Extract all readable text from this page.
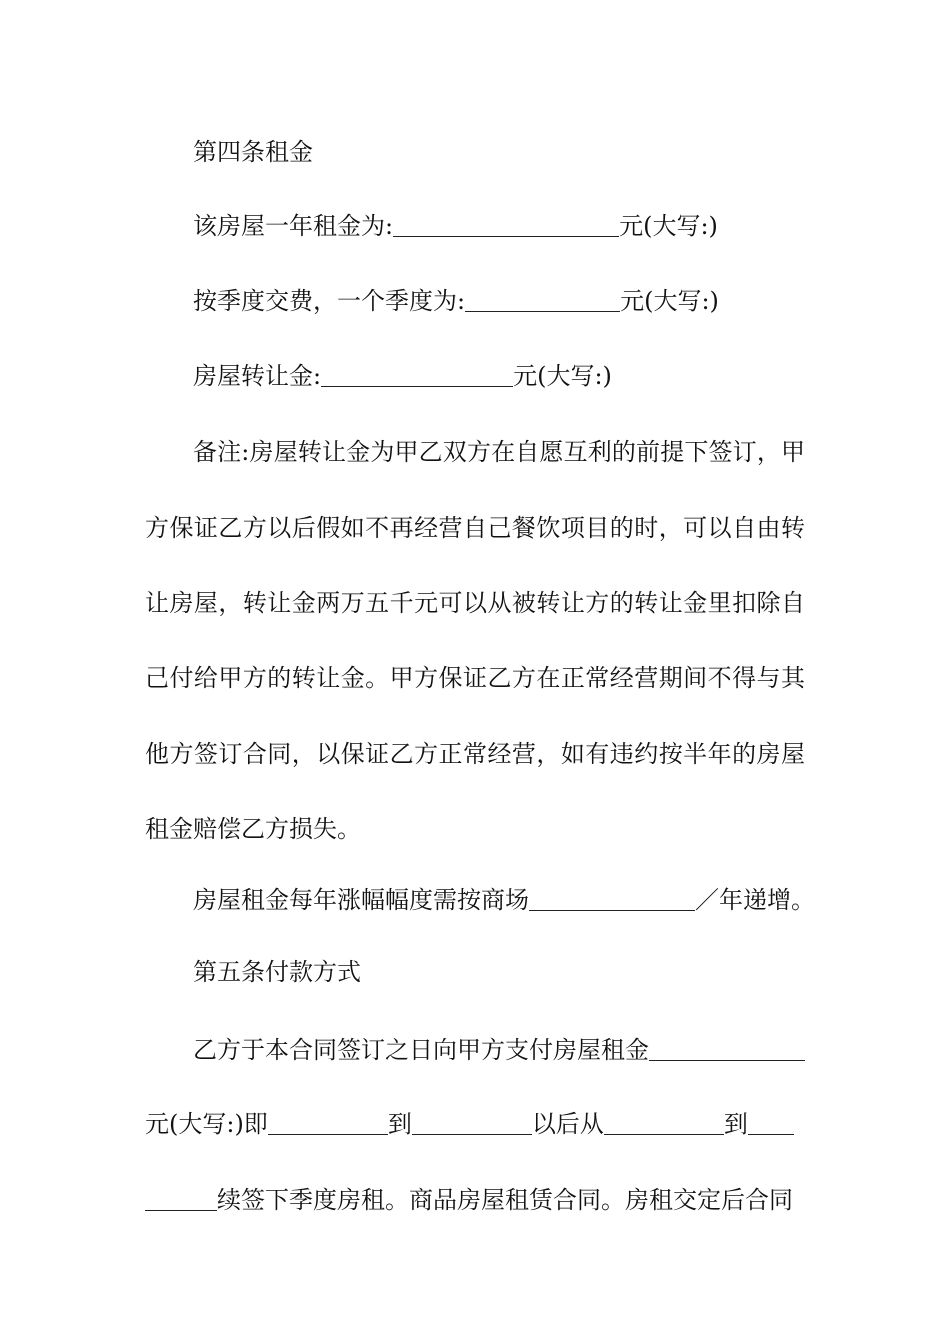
第四条租金
该房屋一年租金为:	元(大写:)
按季度交费，一个季度为:	元(大写:)
房屋转让金:	元(大写:)
备注:房屋转让金为甲乙双方在自愿互利的前提下签订，甲
方保证乙方以后假如不再经营自己餐饮项目的时，可以自由转
让房屋，转让金两万五千元可以从被转让方的转让金里扣除自
己付给甲方的转让金。甲方保证乙方在正常经营期间不得与其
他方签订合同，以保证乙方正常经营，如有违约按半年的房屋
租金赔偿乙方损失。
房屋租金每年涨幅幅度需按商场	／年递增。
第五条付款方式
乙方于本合同签订之日向甲方支付房屋租金
元(大写:)即	到	以后从	到
续签下季度房租。商品房屋租赁合同。房租交定后合同
